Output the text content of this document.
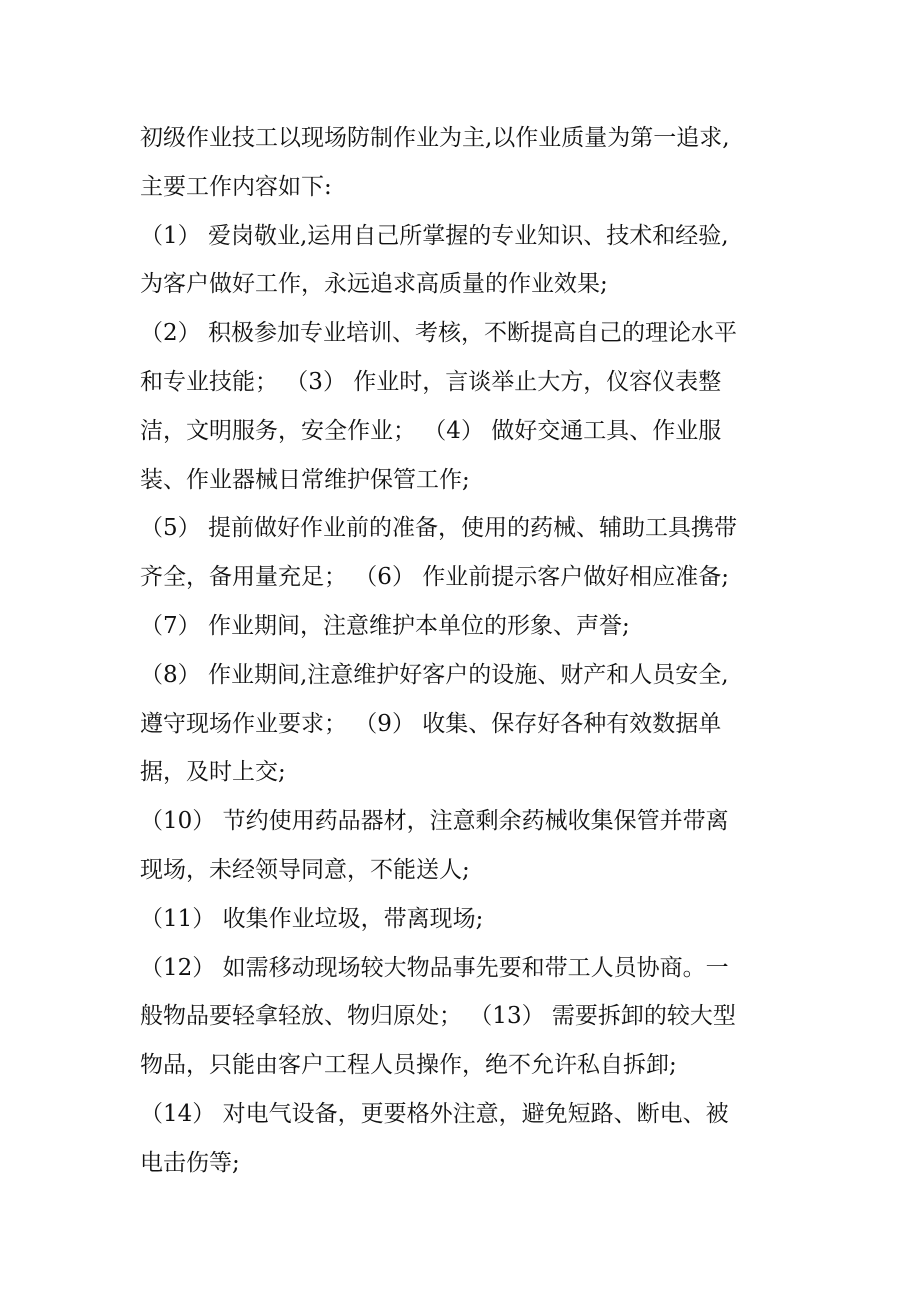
初级作业技工以现场防制作业为主,以作业质量为第一追求,
主要工作内容如下:
（1） 爱岗敬业,运用自己所掌握的专业知识、技术和经验,
为客户做好工作，永远追求高质量的作业效果;
（2） 积极参加专业培训、考核，不断提高自己的理论水平
和专业技能； （3） 作业时，言谈举止大方，仪容仪表整
洁，文明服务，安全作业； （4） 做好交通工具、作业服
装、作业器械日常维护保管工作;
（5） 提前做好作业前的准备，使用的药械、辅助工具携带
齐全，备用量充足； （6） 作业前提示客户做好相应准备;
（7） 作业期间，注意维护本单位的形象、声誉;
（8） 作业期间,注意维护好客户的设施、财产和人员安全,
遵守现场作业要求； （9） 收集、保存好各种有效数据单
据，及时上交;
（10） 节约使用药品器材，注意剩余药械收集保管并带离
现场，未经领导同意，不能送人;
（11） 收集作业垃圾，带离现场;
（12） 如需移动现场较大物品事先要和带工人员协商。一
般物品要轻拿轻放、物归原处； （13） 需要拆卸的较大型
物品，只能由客户工程人员操作，绝不允许私自拆卸;
（14） 对电气设备，更要格外注意，避免短路、断电、被
电击伤等;
